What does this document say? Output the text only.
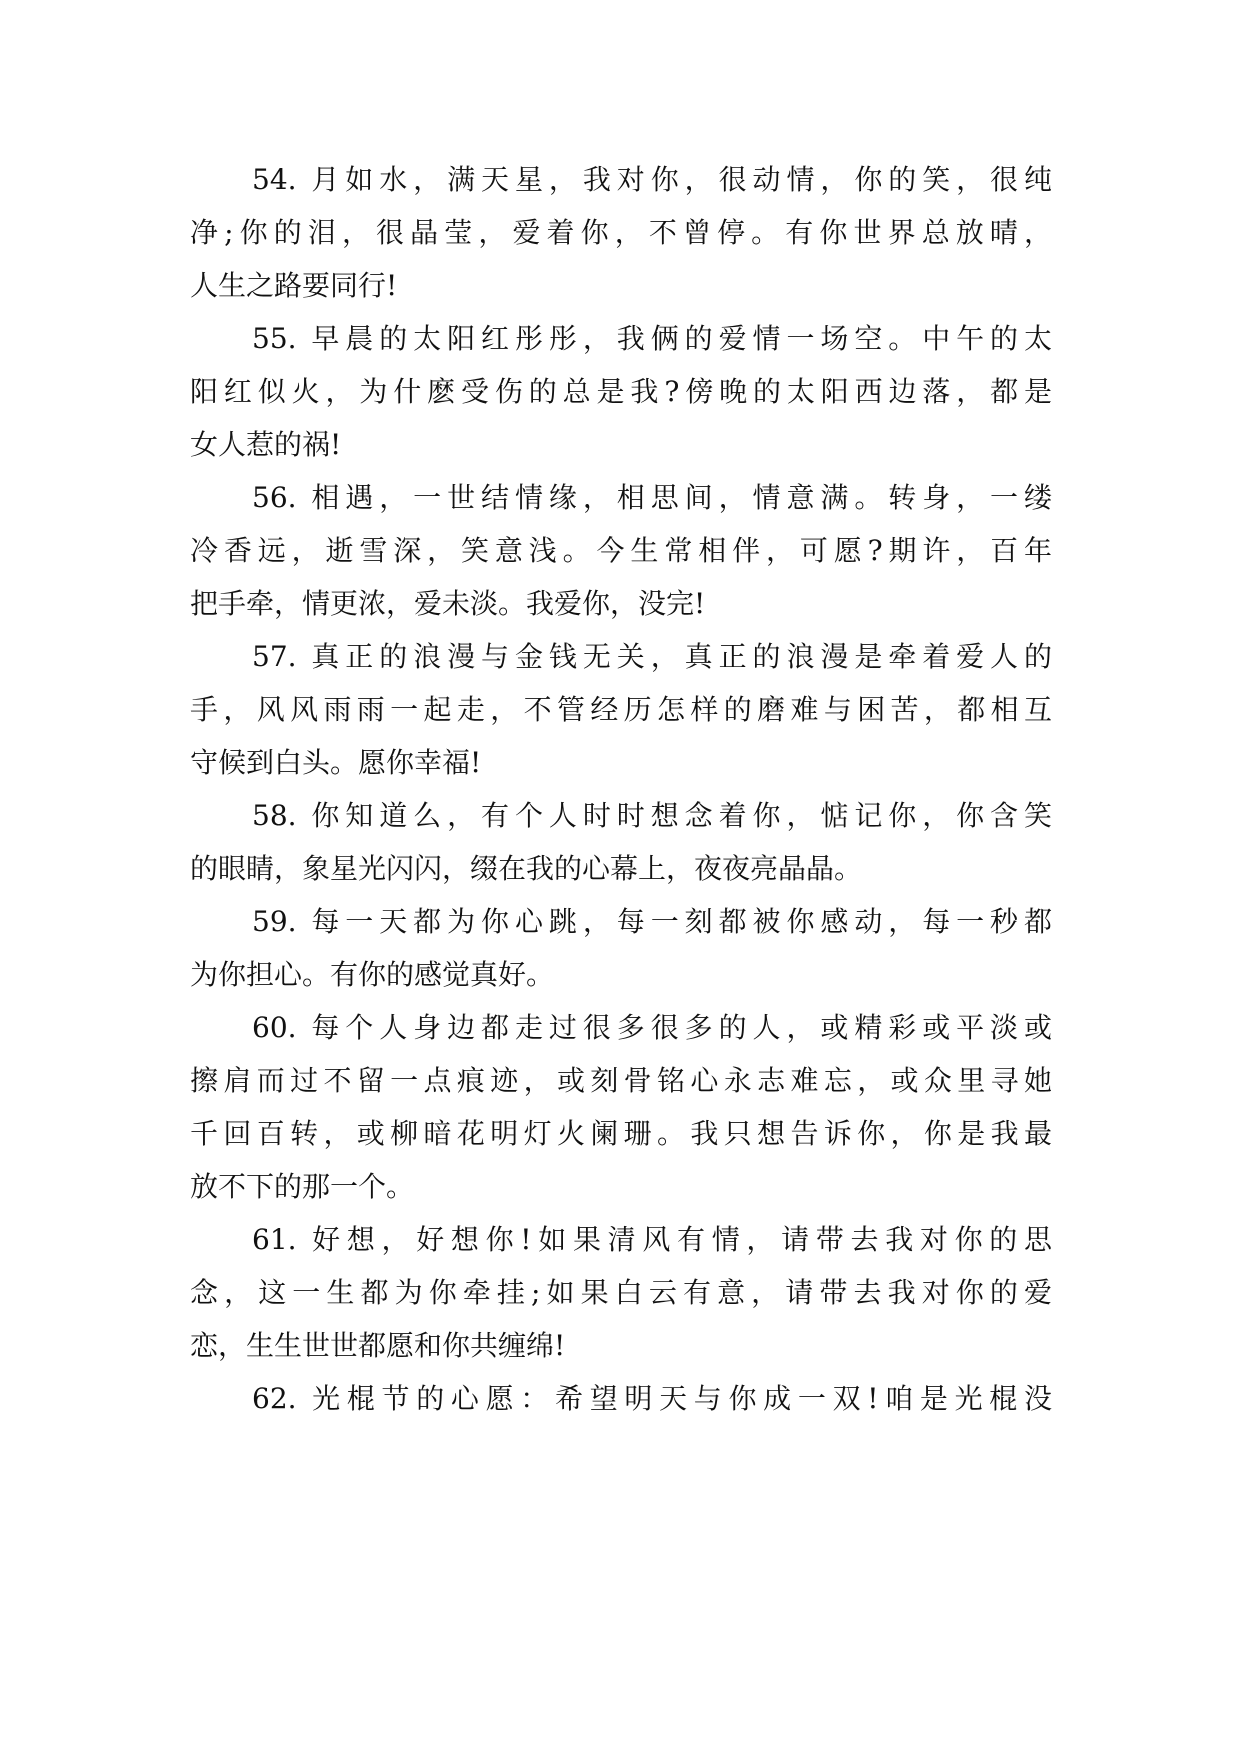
54. 月如水，满天星，我对你，很动情，你的笑，很纯
净;你的泪，很晶莹，爱着你，不曾停。有你世界总放晴，
人生之路要同行!
55. 早晨的太阳红彤彤，我俩的爱情一场空。中午的太
阳红似火，为什麽受伤的总是我?傍晚的太阳西边落，都是
女人惹的祸!
56. 相遇，一世结情缘，相思间，情意满。转身，一缕
冷香远，逝雪深，笑意浅。今生常相伴，可愿?期许，百年
把手牵，情更浓，爱未淡。我爱你，没完!
57. 真正的浪漫与金钱无关，真正的浪漫是牵着爱人的
手，风风雨雨一起走，不管经历怎样的磨难与困苦，都相互
守候到白头。愿你幸福!
58. 你知道么，有个人时时想念着你，惦记你，你含笑
的眼睛，象星光闪闪，缀在我的心幕上，夜夜亮晶晶。
59. 每一天都为你心跳，每一刻都被你感动，每一秒都
为你担心。有你的感觉真好。
60. 每个人身边都走过很多很多的人，或精彩或平淡或
擦肩而过不留一点痕迹，或刻骨铭心永志难忘，或众里寻她
千回百转，或柳暗花明灯火阑珊。我只想告诉你，你是我最
放不下的那一个。
61. 好想，好想你!如果清风有情，请带去我对你的思
念，这一生都为你牵挂;如果白云有意，请带去我对你的爱
恋，生生世世都愿和你共缠绵!
62. 光棍节的心愿：希望明天与你成一双!咱是光棍没
